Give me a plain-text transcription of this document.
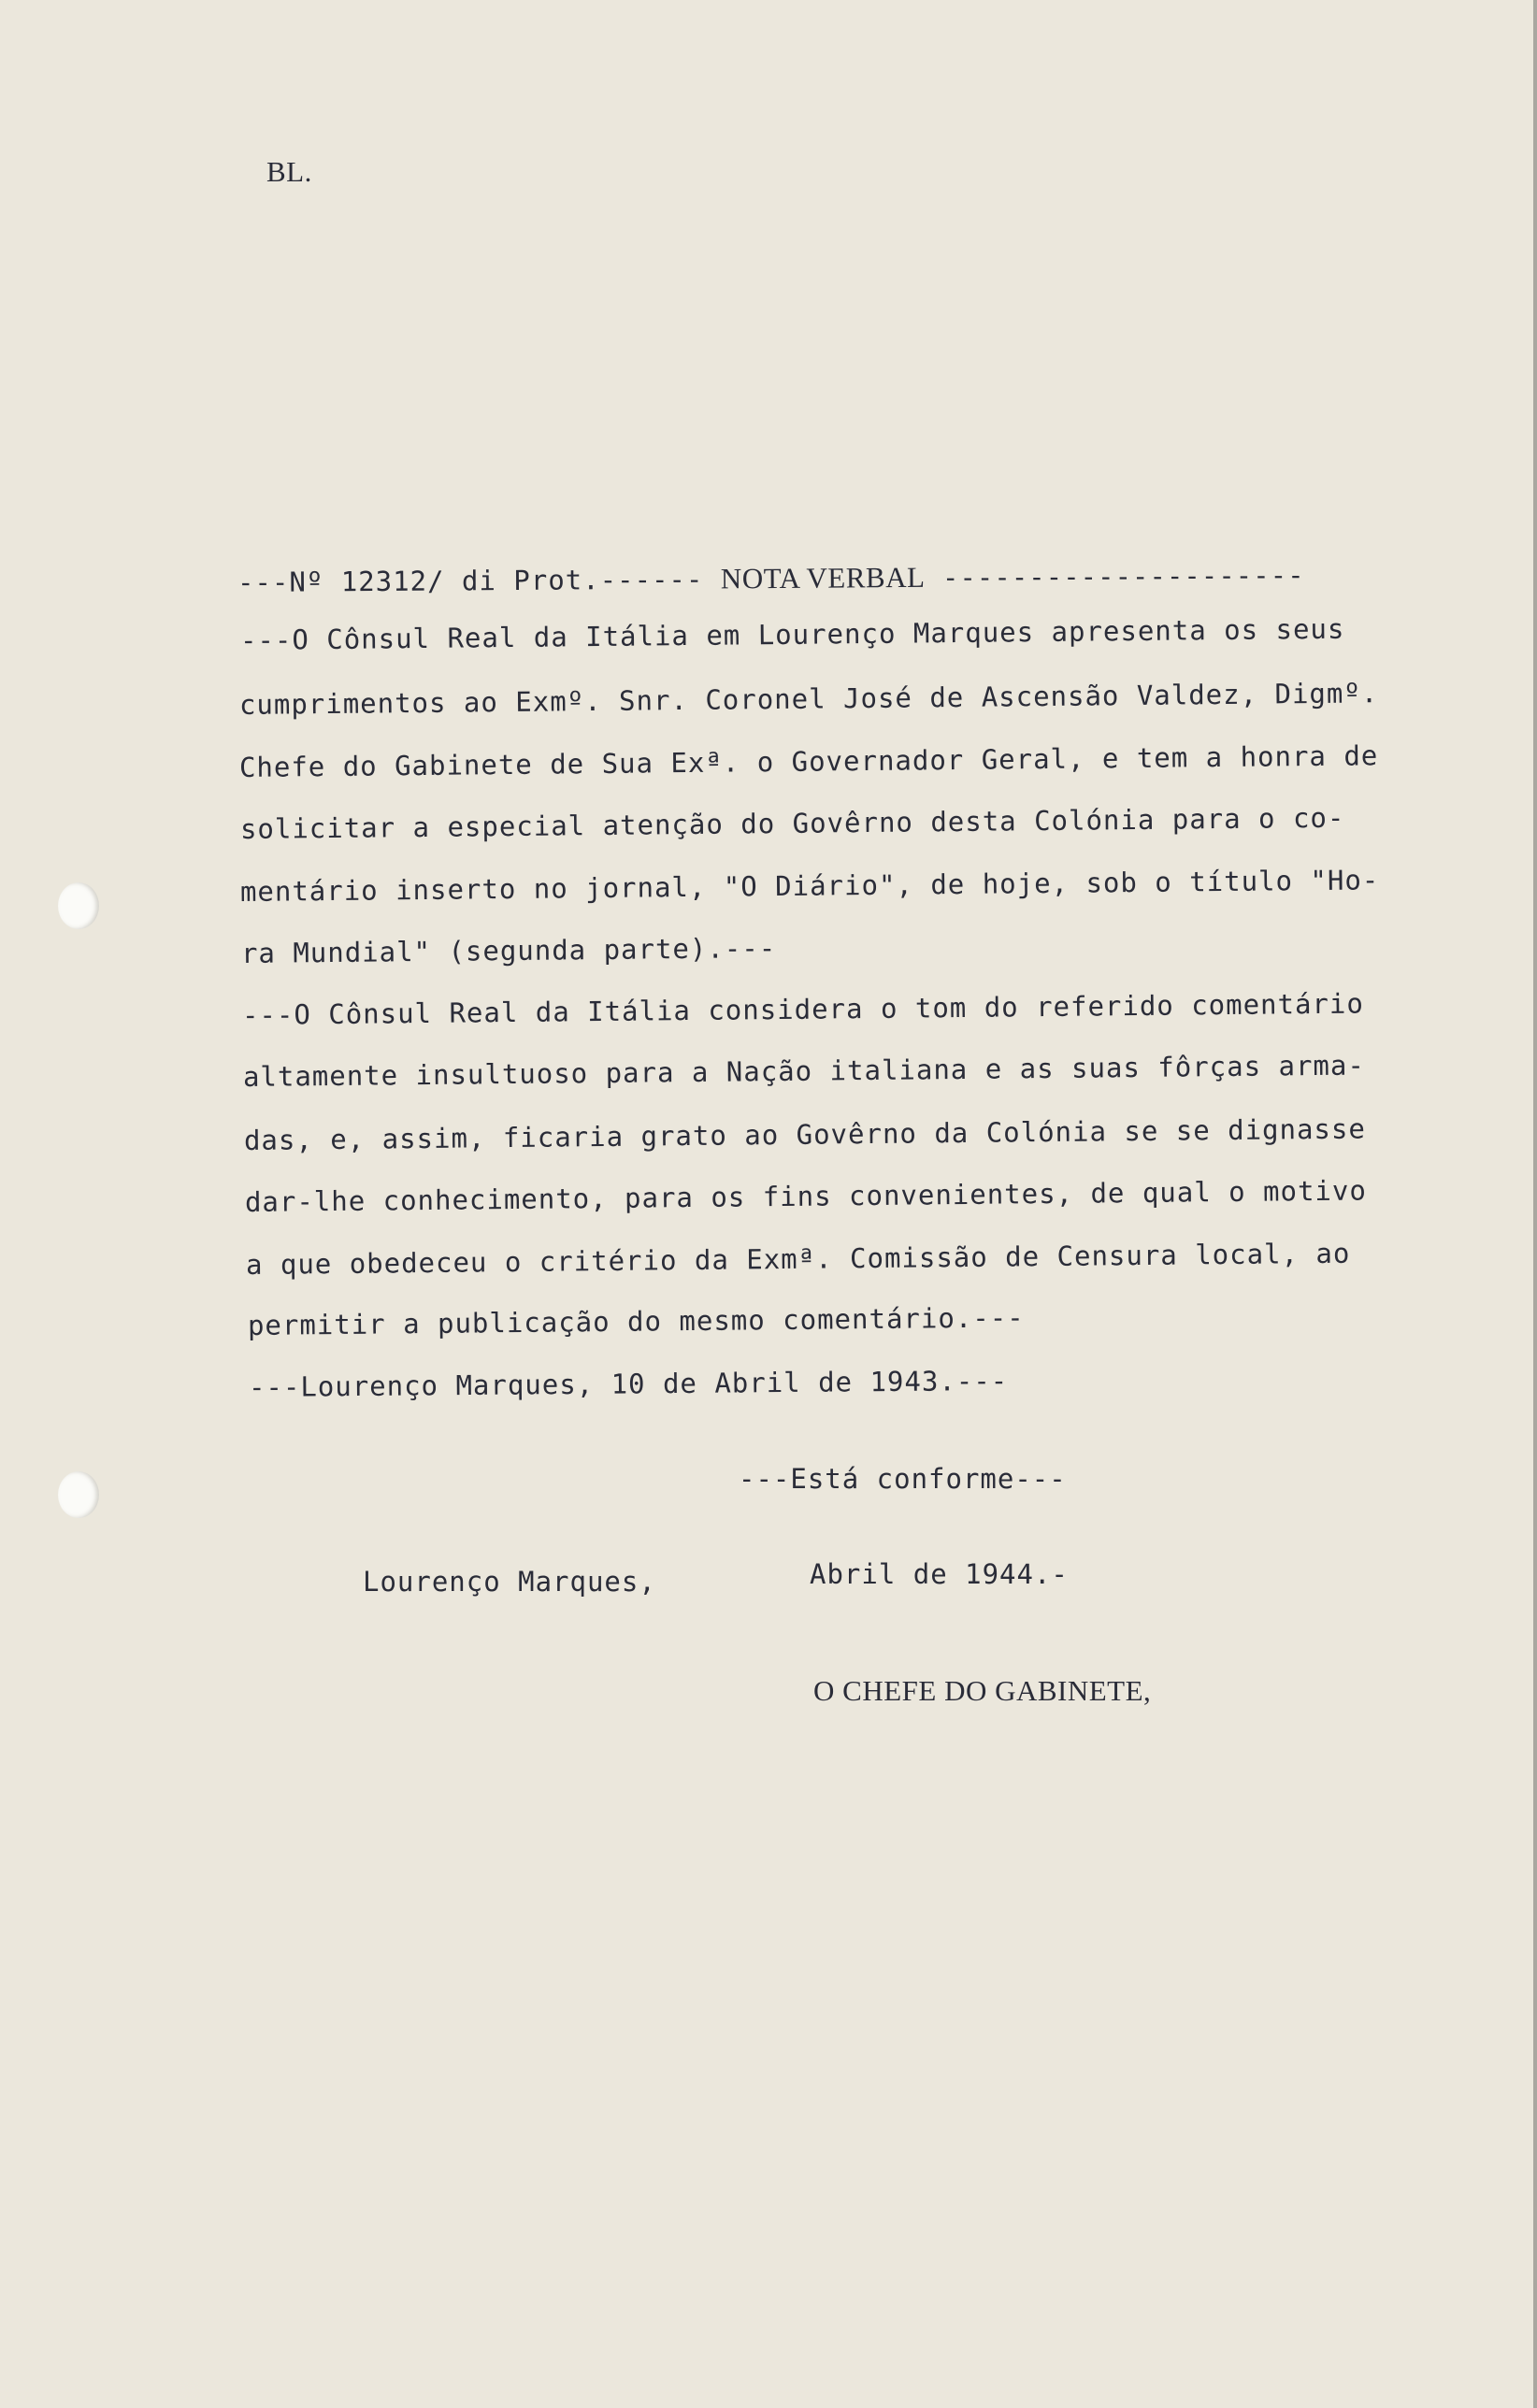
BL.
---Nº 12312/ di Prot.------ NOTA VERBAL ---------------------
---O Cônsul Real da Itália em Lourenço Marques apresenta os seus
cumprimentos ao Exmº. Snr. Coronel José de Ascensão Valdez, Digmº.
Chefe do Gabinete de Sua Exª. o Governador Geral, e tem a honra de
solicitar a especial atenção do Govêrno desta Colónia para o co-
mentário inserto no jornal, "O Diário", de hoje, sob o título "Ho-
ra Mundial" (segunda parte).---
---O Cônsul Real da Itália considera o tom do referido comentário
altamente insultuoso para a Nação italiana e as suas fôrças arma-
das, e, assim, ficaria grato ao Govêrno da Colónia se se dignasse
dar-lhe conhecimento, para os fins convenientes, de qual o motivo
a que obedeceu o critério da Exmª. Comissão de Censura local, ao
permitir a publicação do mesmo comentário.---
---Lourenço Marques, 10 de Abril de 1943.---
---Está conforme---
Lourenço Marques,	Abril de 1944.-
O CHEFE DO GABINETE,
